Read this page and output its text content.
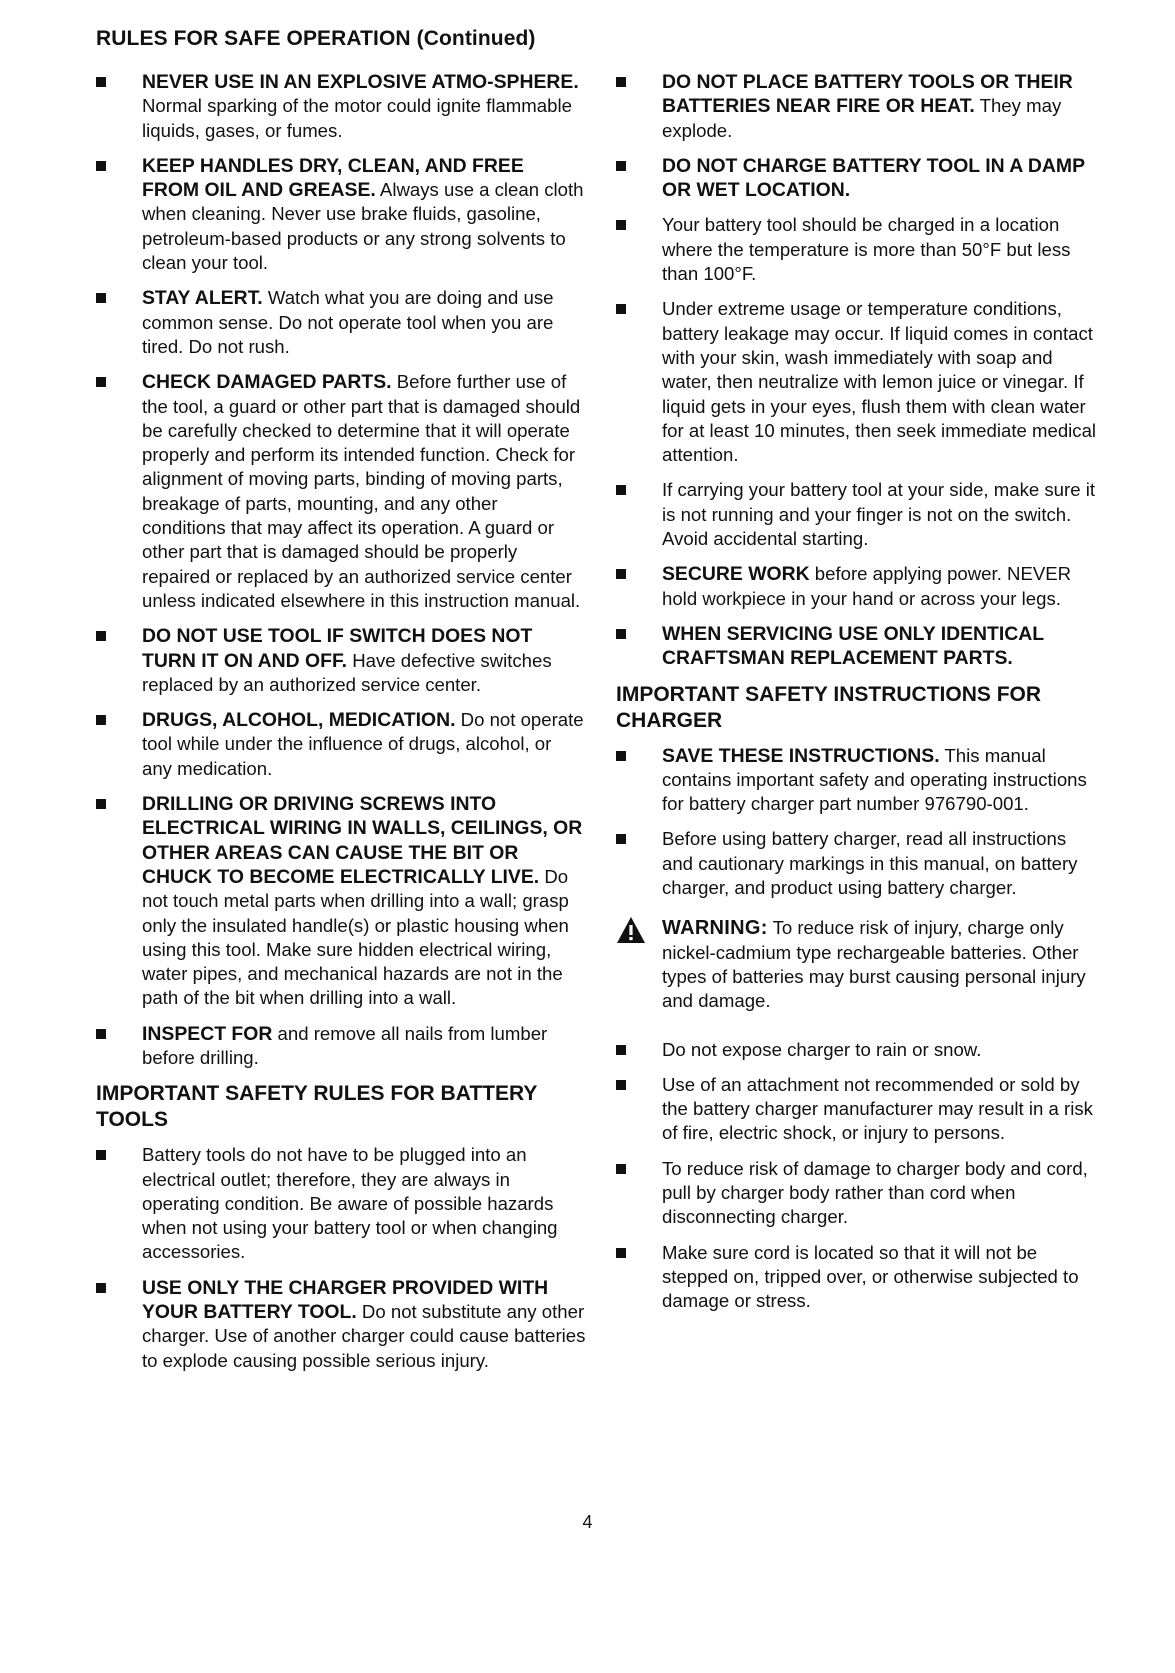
RULES FOR SAFE OPERATION (Continued)
NEVER USE IN AN EXPLOSIVE ATMO-SPHERE. Normal sparking of the motor could ignite flammable liquids, gases, or fumes.
KEEP HANDLES DRY, CLEAN, AND FREE FROM OIL AND GREASE. Always use a clean cloth when cleaning. Never use brake fluids, gasoline, petroleum-based products or any strong solvents to clean your tool.
STAY ALERT. Watch what you are doing and use common sense. Do not operate tool when you are tired. Do not rush.
CHECK DAMAGED PARTS. Before further use of the tool, a guard or other part that is damaged should be carefully checked to determine that it will operate properly and perform its intended function. Check for alignment of moving parts, binding of moving parts, breakage of parts, mounting, and any other conditions that may affect its operation. A guard or other part that is damaged should be properly repaired or replaced by an authorized service center unless indicated elsewhere in this instruction manual.
DO NOT USE TOOL IF SWITCH DOES NOT TURN IT ON AND OFF. Have defective switches replaced by an authorized service center.
DRUGS, ALCOHOL, MEDICATION. Do not operate tool while under the influence of drugs, alcohol, or any medication.
DRILLING OR DRIVING SCREWS INTO ELECTRICAL WIRING IN WALLS, CEILINGS, OR OTHER AREAS CAN CAUSE THE BIT OR CHUCK TO BECOME ELECTRICALLY LIVE. Do not touch metal parts when drilling into a wall; grasp only the insulated handle(s) or plastic housing when using this tool. Make sure hidden electrical wiring, water pipes, and mechanical hazards are not in the path of the bit when drilling into a wall.
INSPECT FOR and remove all nails from lumber before drilling.
IMPORTANT SAFETY RULES FOR BATTERY TOOLS
Battery tools do not have to be plugged into an electrical outlet; therefore, they are always in operating condition. Be aware of possible hazards when not using your battery tool or when changing accessories.
USE ONLY THE CHARGER PROVIDED WITH YOUR BATTERY TOOL. Do not substitute any other charger. Use of another charger could cause batteries to explode causing possible serious injury.
DO NOT PLACE BATTERY TOOLS OR THEIR BATTERIES NEAR FIRE OR HEAT. They may explode.
DO NOT CHARGE BATTERY TOOL IN A DAMP OR WET LOCATION.
Your battery tool should be charged in a location where the temperature is more than 50°F but less than 100°F.
Under extreme usage or temperature conditions, battery leakage may occur. If liquid comes in contact with your skin, wash immediately with soap and water, then neutralize with lemon juice or vinegar. If liquid gets in your eyes, flush them with clean water for at least 10 minutes, then seek immediate medical attention.
If carrying your battery tool at your side, make sure it is not running and your finger is not on the switch. Avoid accidental starting.
SECURE WORK before applying power. NEVER hold workpiece in your hand or across your legs.
WHEN SERVICING USE ONLY IDENTICAL CRAFTSMAN REPLACEMENT PARTS.
IMPORTANT SAFETY INSTRUCTIONS FOR CHARGER
SAVE THESE INSTRUCTIONS. This manual contains important safety and operating instructions for battery charger part number 976790-001.
Before using battery charger, read all instructions and cautionary markings in this manual, on battery charger, and product using battery charger.
WARNING: To reduce risk of injury, charge only nickel-cadmium type rechargeable batteries. Other types of batteries may burst causing personal injury and damage.
Do not expose charger to rain or snow.
Use of an attachment not recommended or sold by the battery charger manufacturer may result in a risk of fire, electric shock, or injury to persons.
To reduce risk of damage to charger body and cord, pull by charger body rather than cord when disconnecting charger.
Make sure cord is located so that it will not be stepped on, tripped over, or otherwise subjected to damage or stress.
4
